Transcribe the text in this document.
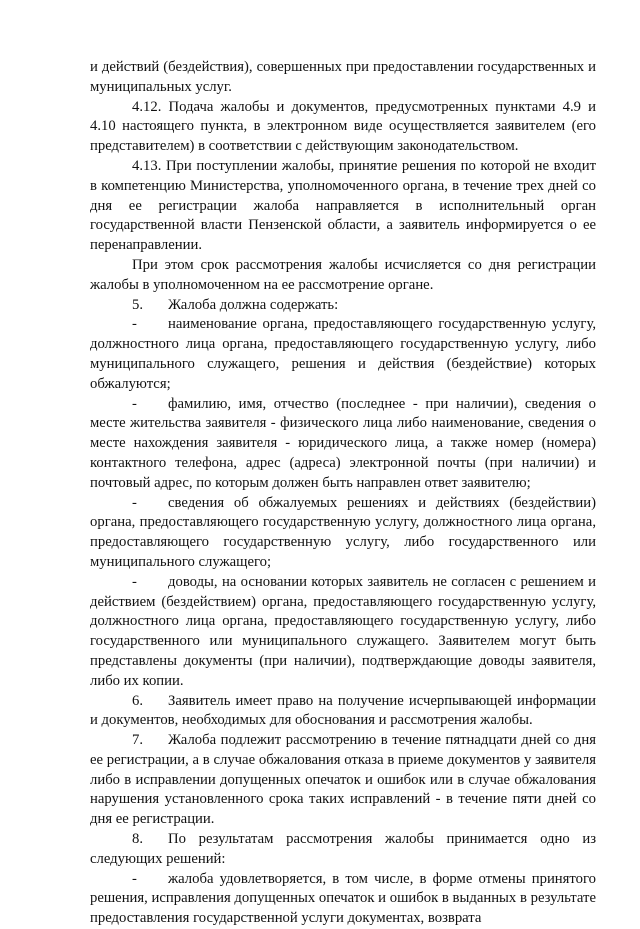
и действий (бездействия), совершенных при предоставлении государственных и муниципальных услуг.

4.12. Подача жалобы и документов, предусмотренных пунктами 4.9 и 4.10 настоящего пункта, в электронном виде осуществляется заявителем (его представителем) в соответствии с действующим законодательством.

4.13. При поступлении жалобы, принятие решения по которой не входит в компетенцию Министерства, уполномоченного органа, в течение трех дней со дня ее регистрации жалоба направляется в исполнительный орган государственной власти Пензенской области, а заявитель информируется о ее перенаправлении.

При этом срок рассмотрения жалобы исчисляется со дня регистрации жалобы в уполномоченном на ее рассмотрение органе.

5. Жалоба должна содержать:

- наименование органа, предоставляющего государственную услугу, должностного лица органа, предоставляющего государственную услугу, либо муниципального служащего, решения и действия (бездействие) которых обжалуются;

- фамилию, имя, отчество (последнее - при наличии), сведения о месте жительства заявителя - физического лица либо наименование, сведения о месте нахождения заявителя - юридического лица, а также номер (номера) контактного телефона, адрес (адреса) электронной почты (при наличии) и почтовый адрес, по которым должен быть направлен ответ заявителю;

- сведения об обжалуемых решениях и действиях (бездействии) органа, предоставляющего государственную услугу, должностного лица органа, предоставляющего государственную услугу, либо государственного или муниципального служащего;

- доводы, на основании которых заявитель не согласен с решением и действием (бездействием) органа, предоставляющего государственную услугу, должностного лица органа, предоставляющего государственную услугу, либо государственного или муниципального служащего. Заявителем могут быть представлены документы (при наличии), подтверждающие доводы заявителя, либо их копии.

6. Заявитель имеет право на получение исчерпывающей информации и документов, необходимых для обоснования и рассмотрения жалобы.

7. Жалоба подлежит рассмотрению в течение пятнадцати дней со дня ее регистрации, а в случае обжалования отказа в приеме документов у заявителя либо в исправлении допущенных опечаток и ошибок или в случае обжалования нарушения установленного срока таких исправлений - в течение пяти дней со дня ее регистрации.

8. По результатам рассмотрения жалобы принимается одно из следующих решений:

- жалоба удовлетворяется, в том числе, в форме отмены принятого решения, исправления допущенных опечаток и ошибок в выданных в результате предоставления государственной услуги документах, возврата
